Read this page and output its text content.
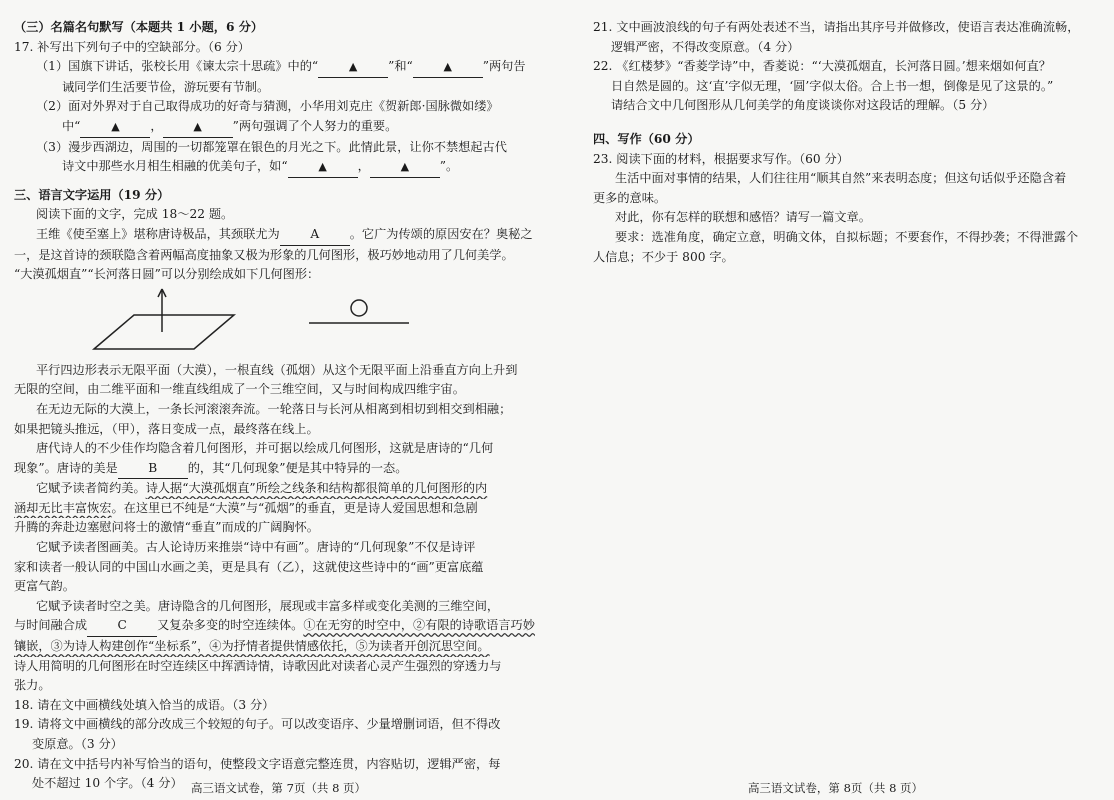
（三）名篇名句默写（本题共 1 小题，6 分）
17. 补写出下列句子中的空缺部分。（6 分）
（1）国旗下讲话，张校长用《谏太宗十思疏》中的“	▲	”和“	▲	”两句告
诫同学们生活要节俭，游玩要有节制。
（2）面对外界对于自己取得成功的好奇与猜测，小华用刘克庄《贺新郎·国脉微如缕》
中“	▲	，	▲	”两句强调了个人努力的重要。
（3）漫步西湖边，周围的一切都笼罩在银色的月光之下。此情此景，让你不禁想起古代
诗文中那些水月相生相融的优美句子，如“	▲	，	▲	”。
三、语言文字运用（19 分）
阅读下面的文字，完成 18～22 题。
王维《使至塞上》堪称唐诗极品，其颈联尤为	A	。它广为传颂的原因安在？奥秘之
一，是这首诗的颈联隐含着两幅高度抽象又极为形象的几何图形，极巧妙地动用了几何美学。
“大漠孤烟直”“长河落日圆”可以分别绘成如下几何图形：
平行四边形表示无限平面（大漠），一根直线（孤烟）从这个无限平面上沿垂直方向上升到
无限的空间，由二维平面和一维直线组成了一个三维空间，又与时间构成四维宇宙。
在无边无际的大漠上，一条长河滚滚奔流。一轮落日与长河从相离到相切到相交到相融；
如果把镜头推远，（甲），落日变成一点，最终落在线上。
唐代诗人的不少佳作均隐含着几何图形，并可据以绘成几何图形，这就是唐诗的“几何
现象”。唐诗的美是	B	的，其“几何现象”便是其中特异的一态。
它赋予读者简约美。诗人据“大漠孤烟直”所绘之线条和结构都很简单的几何图形的内
涵却无比丰富恢宏。在这里已不纯是“大漠”与“孤烟”的垂直，更是诗人爱国思想和急剧
升腾的奔赴边塞慰问将士的激情“垂直”而成的广阔胸怀。
它赋予读者图画美。古人论诗历来推崇“诗中有画”。唐诗的“几何现象”不仅是诗评
家和读者一般认同的中国山水画之美，更是具有（乙），这就使这些诗中的“画”更富底蕴
更富气韵。
它赋予读者时空之美。唐诗隐含的几何图形，展现或丰富多样或变化美测的三维空间，
与时间融合成 C 又复杂多变的时空连续体。①在无穷的时空中，②有限的诗歌语言巧妙
镶嵌，③为诗人构建创作“坐标系”，④为抒情者提供情感依托，⑤为读者开创沉思空间。
诗人用简明的几何图形在时空连续区中挥洒诗情，诗歌因此对读者心灵产生强烈的穿透力与
张力。
18. 请在文中画横线处填入恰当的成语。（3 分）
19. 请将文中画横线的部分改成三个较短的句子。可以改变语序、少量增删词语，但不得改
变原意。（3 分）
20. 请在文中括号内补写恰当的语句，使整段文字语意完整连贯，内容贴切，逻辑严密，每
处不超过 10 个字。（4 分） 高三语文试卷，第 7页（共 8 页）
21. 文中画波浪线的句子有两处表述不当，请指出其序号并做修改，使语言表达准确流畅，
逻辑严密，不得改变原意。（4 分）
22. 《红楼梦》“香菱学诗”中，香菱说：“‘大漠孤烟直，长河落日圆。’想来烟如何直？
日自然是圆的。这‘直’字似无理，‘圆’字似太俗。合上书一想，倒像是见了这景的。”
请结合文中几何图形从几何美学的角度谈谈你对这段话的理解。（5 分）
四、写作（60 分）
23. 阅读下面的材料，根据要求写作。（60 分）
生活中面对事情的结果，人们往往用“顺其自然”来表明态度；但这句话似乎还隐含着
更多的意味。
对此，你有怎样的联想和感悟？请写一篇文章。
要求：选准角度，确定立意，明确文体，自拟标题；不要套作，不得抄袭；不得泄露个
人信息；不少于 800 字。
高三语文试卷，第 8页（共 8 页）
